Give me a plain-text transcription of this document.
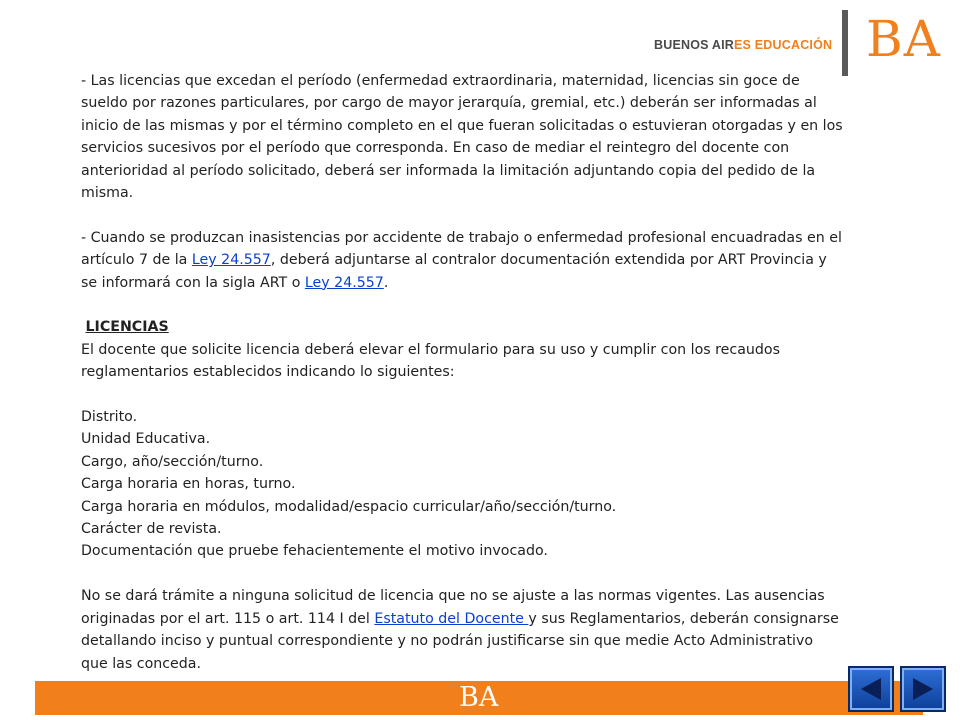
BUENOS AIRES EDUCACIÓN BA

- Las licencias que excedan el período (enfermedad extraordinaria, maternidad, licencias sin goce de sueldo por razones particulares, por cargo de mayor jerarquía, gremial, etc.) deberán ser informadas al inicio de las mismas y por el término completo en el que fueran solicitadas o estuvieran otorgadas y en los servicios sucesivos por el período que corresponda. En caso de mediar el reintegro del docente con anterioridad al período solicitado, deberá ser informada la limitación adjuntando copia del pedido de la misma.

- Cuando se produzcan inasistencias por accidente de trabajo o enfermedad profesional encuadradas en el artículo 7 de la Ley 24.557, deberá adjuntarse al contralor documentación extendida por ART Provincia y se informará con la sigla ART o Ley 24.557.

LICENCIAS

El docente que solicite licencia deberá elevar el formulario para su uso y cumplir con los recaudos reglamentarios establecidos indicando lo siguientes:

Distrito.
Unidad Educativa.
Cargo, año/sección/turno.
Carga horaria en horas, turno.
Carga horaria en módulos, modalidad/espacio curricular/año/sección/turno.
Carácter de revista.
Documentación que pruebe fehacientemente el motivo invocado.

No se dará trámite a ninguna solicitud de licencia que no se ajuste a las normas vigentes. Las ausencias originadas por el art. 115 o art. 114 I del Estatuto del Docente y sus Reglamentarios, deberán consignarse detallando inciso y puntual correspondiente y no podrán justificarse sin que medie Acto Administrativo que las conceda.

BA
